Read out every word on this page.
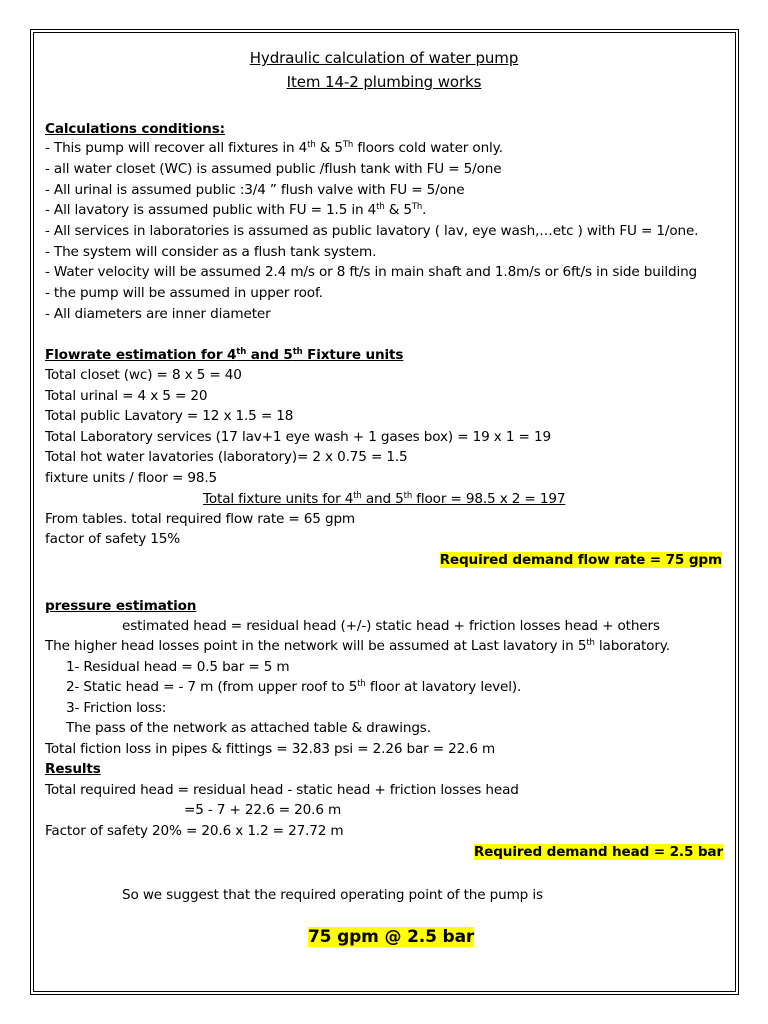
Hydraulic calculation of water pump
Item 14-2 plumbing works
Calculations conditions:
- This pump will recover all fixtures in 4th & 5Th floors cold water only.
- all water closet (WC) is assumed public /flush tank with FU = 5/one
- All urinal is assumed public :3/4 ” flush valve with FU = 5/one
- All lavatory is assumed public with FU = 1.5 in 4th & 5Th.
- All services in laboratories is assumed as public lavatory ( lav, eye wash,…etc ) with FU = 1/one.
- The system will consider as a flush tank system.
- Water velocity will be assumed 2.4 m/s or 8 ft/s in main shaft and 1.8m/s or 6ft/s in side building
- the pump will be assumed in upper roof.
- All diameters are inner diameter
Flowrate estimation for 4th and 5th Fixture units
Total closet (wc) = 8 x 5 = 40
Total urinal = 4 x 5 = 20
Total public Lavatory = 12 x 1.5 = 18
Total Laboratory services (17 lav+1 eye wash + 1 gases box) = 19 x 1 = 19
Total hot water lavatories (laboratory)= 2 x 0.75 = 1.5
fixture units / floor = 98.5
Total fixture units for 4th and 5th floor = 98.5 x 2 = 197
From tables. total required flow rate = 65 gpm
factor of safety 15%
Required demand flow rate = 75 gpm
pressure estimation
estimated head = residual head (+/-) static head + friction losses head + others
The higher head losses point in the network will be assumed at Last lavatory in 5th laboratory.
1- Residual head = 0.5 bar = 5 m
2- Static head = - 7 m (from upper roof to 5th floor at lavatory level).
3- Friction loss:
The pass of the network as attached table & drawings.
Total fiction loss in pipes & fittings = 32.83 psi = 2.26 bar = 22.6 m
Results
Total required head = residual head - static head + friction losses head
=5 - 7 + 22.6 = 20.6 m
Factor of safety 20% = 20.6 x 1.2 = 27.72 m
Required demand head = 2.5 bar
So we suggest that the required operating point of the pump is
75 gpm @ 2.5 bar
